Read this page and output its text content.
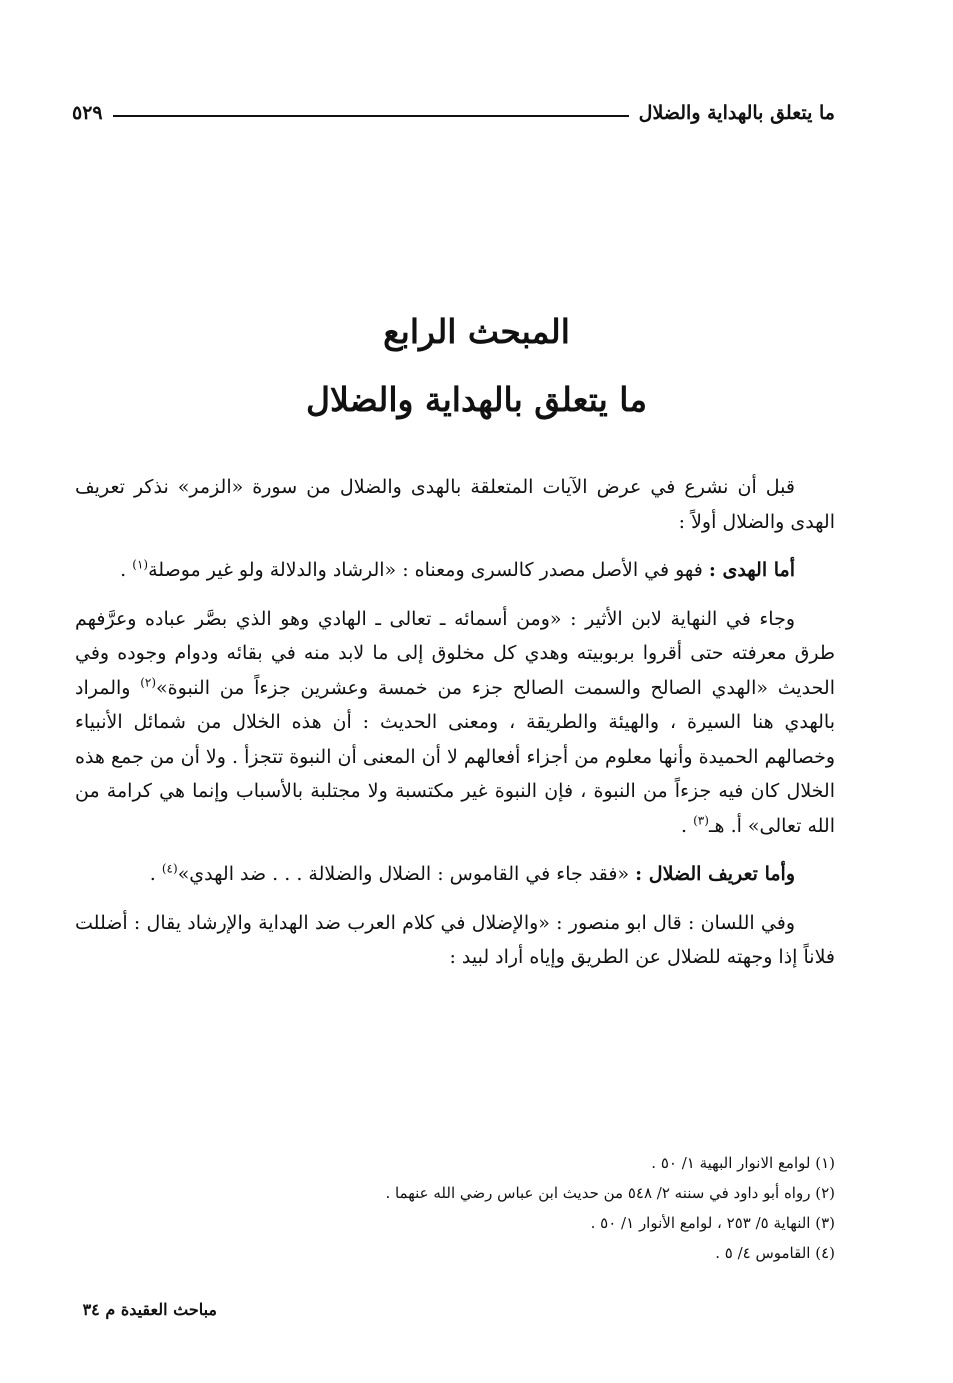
ما يتعلق بالهداية والضلال
٥٢٩
المبحث الرابع
ما يتعلق بالهداية والضلال

قبل أن نشرع في عرض الآيات المتعلقة بالهدى والضلال من سورة «الزمر» نذكر تعريف الهدى والضلال أولاً :

أما الهدى : فهو في الأصل مصدر كالسرى ومعناه : «الرشاد والدلالة ولو غير موصلة$^{(١)}$ .

وجاء في النهاية لابن الأثير : «ومن أسمائه ـ تعالى ـ الهادي وهو الذي بصَّر عباده وعرَّفهم طرق معرفته حتى أقروا بربوبيته وهدي كل مخلوق إلى ما لابد منه في بقائه ودوام وجوده وفي الحديث «الهدي الصالح والسمت الصالح جزء من خمسة وعشرين جزءاً من النبوة»$^{(٢)}$ والمراد بالهدي هنا السيرة ، والهيئة والطريقة ، ومعنى الحديث : أن هذه الخلال من شمائل الأنبياء وخصالهم الحميدة وأنها معلوم من أجزاء أفعالهم لا أن المعنى أن النبوة تتجزأ . ولا أن من جمع هذه الخلال كان فيه جزءاً من النبوة ، فإن النبوة غير مكتسبة ولا مجتلبة بالأسباب وإنما هي كرامة من الله تعالى» أ. هـ$^{(٣)}$ .

وأما تعريف الضلال : «فقد جاء في القاموس : الضلال والضلالة . . . ضد الهدي»$^{(٤)}$ .

وفي اللسان : قال ابو منصور : «والإضلال في كلام العرب ضد الهداية والإرشاد يقال : أضللت فلاناً إذا وجهته للضلال عن الطريق وإياه أراد لبيد :

(١) لوامع الانوار البهية ١/ ٥٠ .
(٢) رواه أبو داود في سننه ٢/ ٥٤٨ من حديث ابن عباس رضي الله عنهما .
(٣) النهاية ٥/ ٢٥٣ ، لوامع الأنوار ١/ ٥٠ .
(٤) القاموس ٤/ ٥ .
مباحث العقيدة م ٣٤
